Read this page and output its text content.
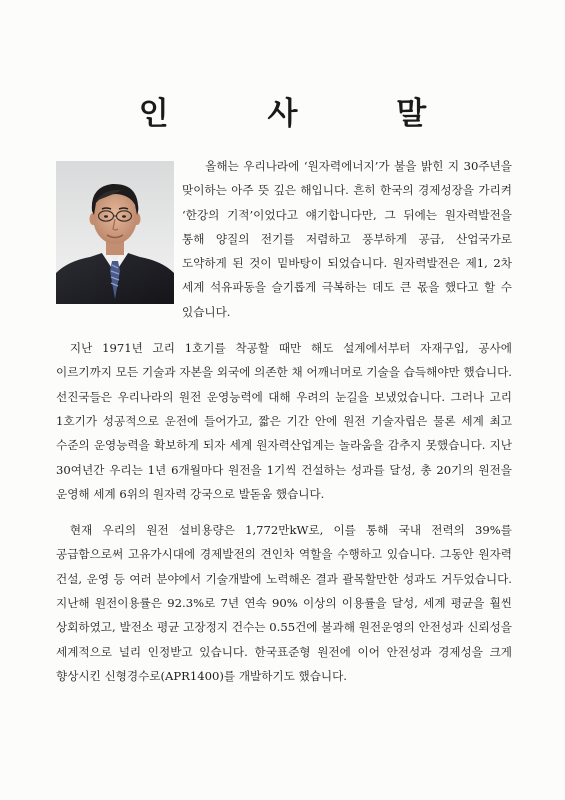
인 사 말

올해는 우리나라에 ‘원자력에너지’가 불을 밝힌 지 30주년을 맞이하는 아주 뜻 깊은 해입니다. 흔히 한국의 경제성장을 가리켜 ‘한강의 기적’이었다고 얘기합니다만, 그 뒤에는 원자력발전을 통해 양질의 전기를 저렴하고 풍부하게 공급, 산업국가로 도약하게 된 것이 밑바탕이 되었습니다. 원자력발전은 제1, 2차 세계 석유파동을 슬기롭게 극복하는 데도 큰 몫을 했다고 할 수 있습니다.

지난 1971년 고리 1호기를 착공할 때만 해도 설계에서부터 자재구입, 공사에 이르기까지 모든 기술과 자본을 외국에 의존한 채 어깨너머로 기술을 습득해야만 했습니다. 선진국들은 우리나라의 원전 운영능력에 대해 우려의 눈길을 보냈었습니다. 그러나 고리 1호기가 성공적으로 운전에 들어가고, 짧은 기간 안에 원전 기술자립은 물론 세계 최고 수준의 운영능력을 확보하게 되자 세계 원자력산업계는 놀라움을 감추지 못했습니다. 지난 30여년간 우리는 1년 6개월마다 원전을 1기씩 건설하는 성과를 달성, 총 20기의 원전을 운영해 세계 6위의 원자력 강국으로 발돋움 했습니다.

현재 우리의 원전 설비용량은 1,772만kW로, 이를 통해 국내 전력의 39%를 공급함으로써 고유가시대에 경제발전의 견인차 역할을 수행하고 있습니다. 그동안 원자력 건설, 운영 등 여러 분야에서 기술개발에 노력해온 결과 괄목할만한 성과도 거두었습니다. 지난해 원전이용률은 92.3%로 7년 연속 90% 이상의 이용률을 달성, 세계 평균을 훨씬 상회하였고, 발전소 평균 고장정지 건수는 0.55건에 불과해 원전운영의 안전성과 신뢰성을 세계적으로 널리 인정받고 있습니다. 한국표준형 원전에 이어 안전성과 경제성을 크게 향상시킨 신형경수로(APR1400)를 개발하기도 했습니다.
